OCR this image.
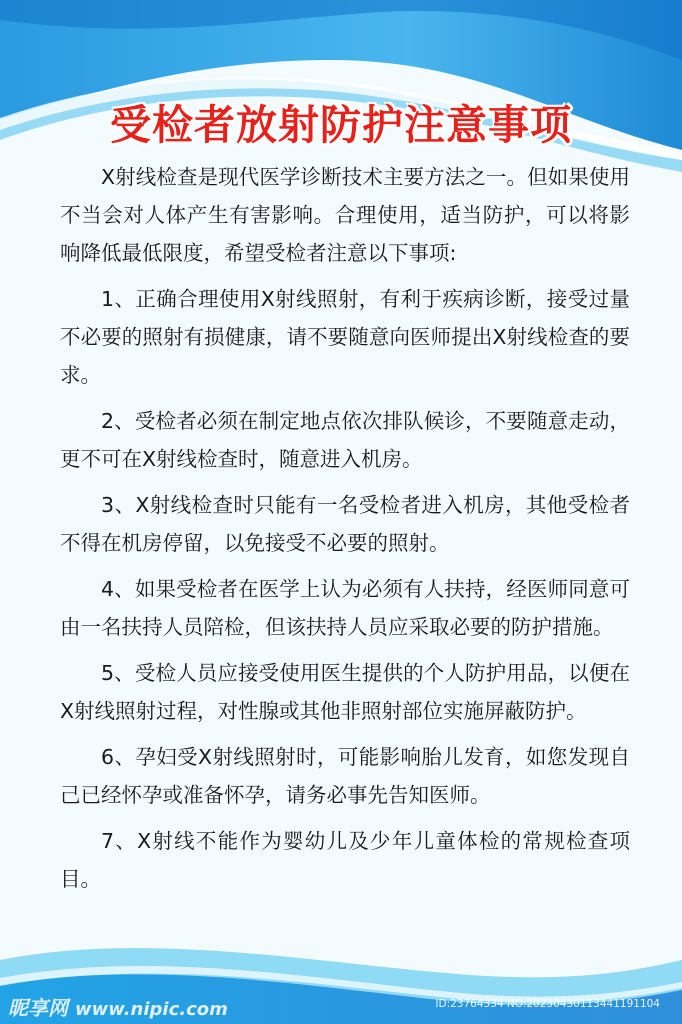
受检者放射防护注意事项

X射线检查是现代医学诊断技术主要方法之一。但如果使用不当会对人体产生有害影响。合理使用，适当防护，可以将影响降低最低限度，希望受检者注意以下事项:

1、正确合理使用X射线照射，有利于疾病诊断，接受过量不必要的照射有损健康，请不要随意向医师提出X射线检查的要求。

2、受检者必须在制定地点依次排队候诊，不要随意走动，更不可在X射线检查时，随意进入机房。

3、X射线检查时只能有一名受检者进入机房，其他受检者不得在机房停留，以免接受不必要的照射。

4、如果受检者在医学上认为必须有人扶持，经医师同意可由一名扶持人员陪检，但该扶持人员应采取必要的防护措施。

5、受检人员应接受使用医生提供的个人防护用品，以便在X射线照射过程，对性腺或其他非照射部位实施屏蔽防护。

6、孕妇受X射线照射时，可能影响胎儿发育，如您发现自己已经怀孕或准备怀孕，请务必事先告知医师。

7、X射线不能作为婴幼儿及少年儿童体检的常规检查项目。

昵享网 www.nipic.com	ID:23764334 NO:20230430113441191104
